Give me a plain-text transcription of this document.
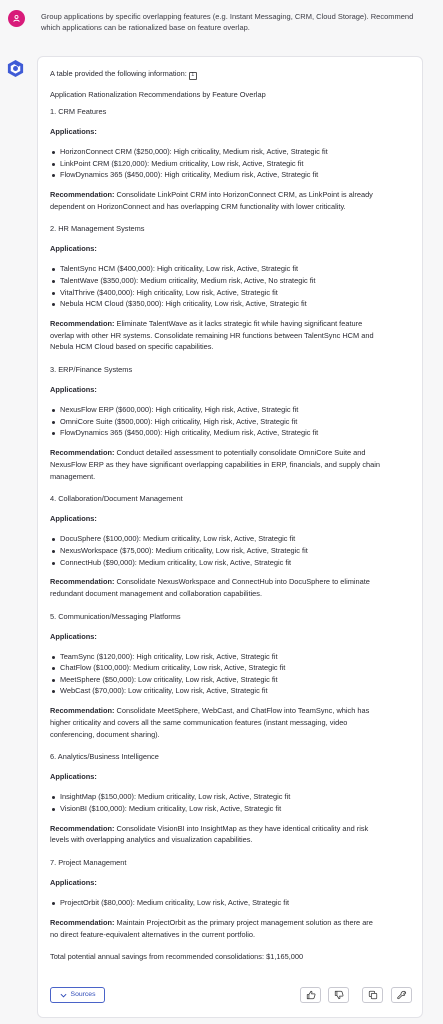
Group applications by specific overlapping features (e.g. Instant Messaging, CRM, Cloud Storage). Recommend which applications can be rationalized base on feature overlap.
A table provided the following information: 1
Application Rationalization Recommendations by Feature Overlap
1. CRM Features
Applications:
HorizonConnect CRM ($250,000): High criticality, Medium risk, Active, Strategic fit
LinkPoint CRM ($120,000): Medium criticality, Low risk, Active, Strategic fit
FlowDynamics 365 ($450,000): High criticality, Medium risk, Active, Strategic fit
Recommendation: Consolidate LinkPoint CRM into HorizonConnect CRM, as LinkPoint is already
dependent on HorizonConnect and has overlapping CRM functionality with lower criticality.
2. HR Management Systems
Applications:
TalentSync HCM ($400,000): High criticality, Low risk, Active, Strategic fit
TalentWave ($350,000): Medium criticality, Medium risk, Active, No strategic fit
VitalThrive ($400,000): High criticality, Low risk, Active, Strategic fit
Nebula HCM Cloud ($350,000): High criticality, Low risk, Active, Strategic fit
Recommendation: Eliminate TalentWave as it lacks strategic fit while having significant feature
overlap with other HR systems. Consolidate remaining HR functions between TalentSync HCM and
Nebula HCM Cloud based on specific capabilities.
3. ERP/Finance Systems
Applications:
NexusFlow ERP ($600,000): High criticality, High risk, Active, Strategic fit
OmniCore Suite ($500,000): High criticality, High risk, Active, Strategic fit
FlowDynamics 365 ($450,000): High criticality, Medium risk, Active, Strategic fit
Recommendation: Conduct detailed assessment to potentially consolidate OmniCore Suite and
NexusFlow ERP as they have significant overlapping capabilities in ERP, financials, and supply chain
management.
4. Collaboration/Document Management
Applications:
DocuSphere ($100,000): Medium criticality, Low risk, Active, Strategic fit
NexusWorkspace ($75,000): Medium criticality, Low risk, Active, Strategic fit
ConnectHub ($90,000): Medium criticality, Low risk, Active, Strategic fit
Recommendation: Consolidate NexusWorkspace and ConnectHub into DocuSphere to eliminate
redundant document management and collaboration capabilities.
5. Communication/Messaging Platforms
Applications:
TeamSync ($120,000): High criticality, Low risk, Active, Strategic fit
ChatFlow ($100,000): Medium criticality, Low risk, Active, Strategic fit
MeetSphere ($50,000): Low criticality, Low risk, Active, Strategic fit
WebCast ($70,000): Low criticality, Low risk, Active, Strategic fit
Recommendation: Consolidate MeetSphere, WebCast, and ChatFlow into TeamSync, which has
higher criticality and covers all the same communication features (instant messaging, video
conferencing, document sharing).
6. Analytics/Business Intelligence
Applications:
InsightMap ($150,000): Medium criticality, Low risk, Active, Strategic fit
VisionBI ($100,000): Medium criticality, Low risk, Active, Strategic fit
Recommendation: Consolidate VisionBI into InsightMap as they have identical criticality and risk
levels with overlapping analytics and visualization capabilities.
7. Project Management
Applications:
ProjectOrbit ($80,000): Medium criticality, Low risk, Active, Strategic fit
Recommendation: Maintain ProjectOrbit as the primary project management solution as there are
no direct feature-equivalent alternatives in the current portfolio.
Total potential annual savings from recommended consolidations: $1,165,000
Sources
